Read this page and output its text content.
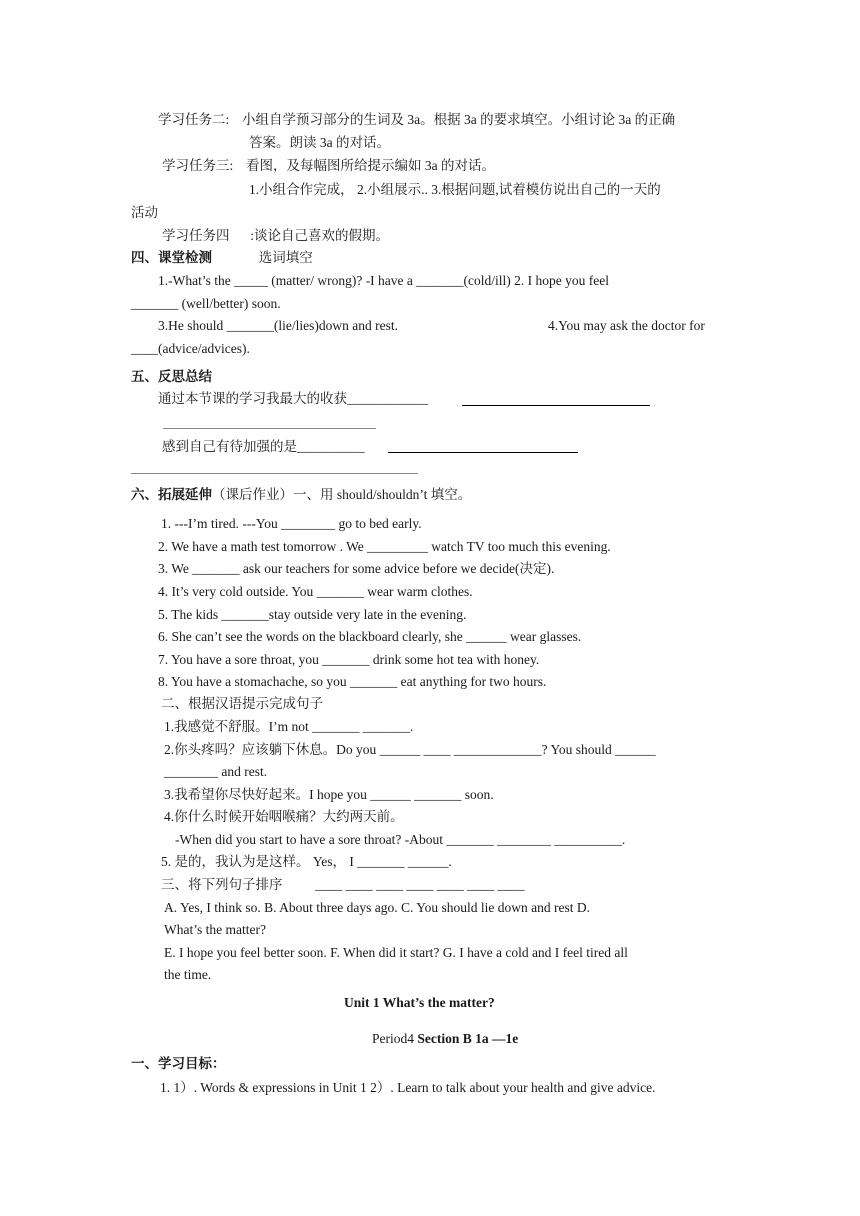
学习任务二: 小组自学预习部分的生词及 3a。根据 3a 的要求填空。小组讨论 3a 的正确
答案。朗读 3a 的对话。
学习任务三: 看图，及每幅图所给提示编如 3a 的对话。
1.小组合作完成， 2.小组展示.. 3.根据问题,试着模仿说出自己的一天的
活动
学习任务四 :谈论自己喜欢的假期。
四、课堂检测	选词填空
1.-What’s the _____ (matter/ wrong)? -I have a _______(cold/ill) 2. I hope you feel
_______ (well/better) soon.
3.He should _______(lie/lies)down and rest.	4.You may ask the doctor for
____(advice/advices).
五、反思总结
通过本节课的学习我最大的收获____________
感到自己有待加强的是__________
六、拓展延伸（课后作业）一、用 should/shouldn’t 填空。
1. ---I’m tired. ---You ________ go to bed early.
2. We have a math test tomorrow . We _________ watch TV too much this evening.
3. We _______ ask our teachers for some advice before we decide(决定).
4. It’s very cold outside. You _______ wear warm clothes.
5. The kids _______stay outside very late in the evening.
6. She can’t see the words on the blackboard clearly, she ______ wear glasses.
7. You have a sore throat, you _______ drink some hot tea with honey.
8. You have a stomachache, so you _______ eat anything for two hours.
二、根据汉语提示完成句子
1.我感觉不舒服。I’m not _______ _______.
2.你头疼吗？应该躺下休息。Do you ______ ____ _____________? You should ______
________ and rest.
3.我希望你尽快好起来。I hope you ______ _______ soon.
4.你什么时候开始咽喉痛？大约两天前。
-When did you start to have a sore throat? -About _______ ________ __________.
5. 是的，我认为是这样。 Yes， I _______ ______.
三、将下列句子排序 ____ ____ ____ ____ ____ ____ ____
A. Yes, I think so. B. About three days ago. C. You should lie down and rest D.
What’s the matter?
E. I hope you feel better soon. F. When did it start? G. I have a cold and I feel tired all
the time.
Unit 1 What’s the matter?
Period4 Section B 1a ―1e
一、学习目标：
1. 1）. Words & expressions in Unit 1 2）. Learn to talk about your health and give advice.
